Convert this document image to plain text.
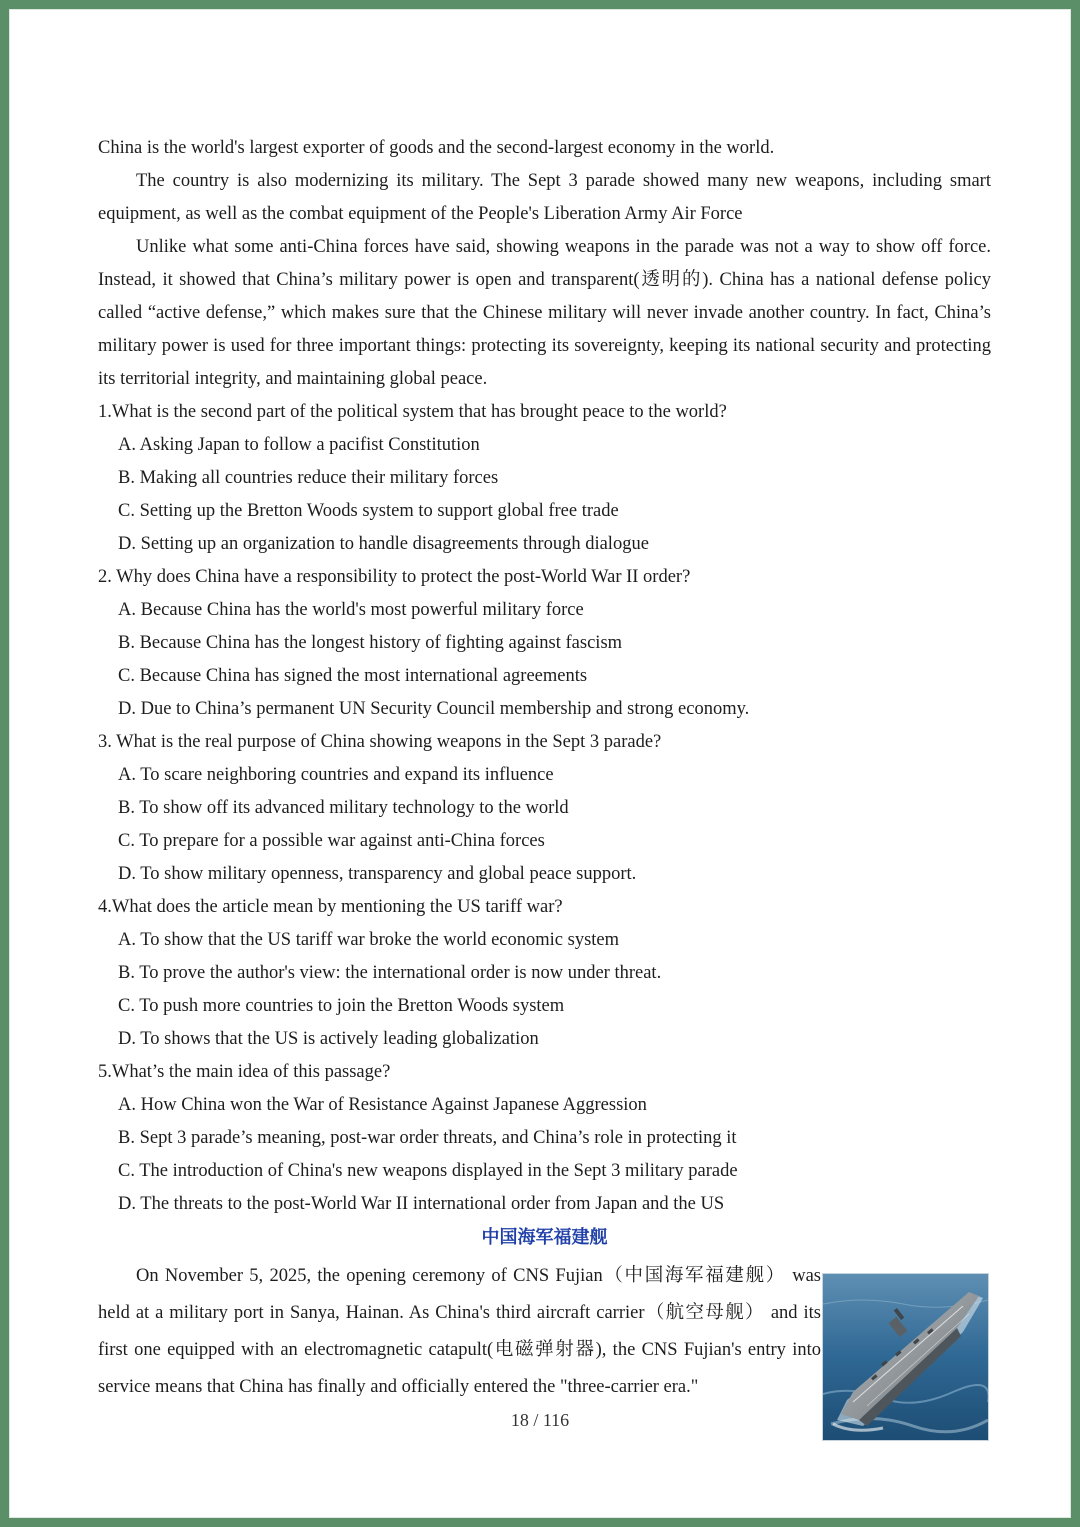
China is the world's largest exporter of goods and the second-largest economy in the world.

The country is also modernizing its military. The Sept 3 parade showed many new weapons, including smart equipment, as well as the combat equipment of the People's Liberation Army Air Force

Unlike what some anti-China forces have said, showing weapons in the parade was not a way to show off force. Instead, it showed that China’s military power is open and transparent(透明的). China has a national defense policy called “active defense,” which makes sure that the Chinese military will never invade another country. In fact, China’s military power is used for three important things: protecting its sovereignty, keeping its national security and protecting its territorial integrity, and maintaining global peace.

1.What is the second part of the political system that has brought peace to the world?

A. Asking Japan to follow a pacifist Constitution

B. Making all countries reduce their military forces

C. Setting up the Bretton Woods system to support global free trade

D. Setting up an organization to handle disagreements through dialogue

2. Why does China have a responsibility to protect the post-World War II order?

A. Because China has the world's most powerful military force

B. Because China has the longest history of fighting against fascism

C. Because China has signed the most international agreements

D. Due to China’s permanent UN Security Council membership and strong economy.

3. What is the real purpose of China showing weapons in the Sept 3 parade?

A. To scare neighboring countries and expand its influence

B. To show off its advanced military technology to the world

C. To prepare for a possible war against anti-China forces

D. To show military openness, transparency and global peace support.

4.What does the article mean by mentioning the US tariff war?

A. To show that the US tariff war broke the world economic system

B. To prove the author's view: the international order is now under threat.

C. To push more countries to join the Bretton Woods system

D. To shows that the US is actively leading globalization

5.What’s the main idea of this passage?

A. How China won the War of Resistance Against Japanese Aggression

B. Sept 3 parade’s meaning, post-war order threats, and China’s role in protecting it

C. The introduction of China's new weapons displayed in the Sept 3 military parade

D. The threats to the post-World War II international order from Japan and the US

中国海军福建舰

On November 5, 2025, the opening ceremony of CNS Fujian（中国海军福建舰） was held at a military port in Sanya, Hainan. As China's third aircraft carrier（航空母舰） and its first one equipped with an electromagnetic catapult(电磁弹射器), the CNS Fujian's entry into service means that China has finally and officially entered the "three-carrier era."

18 / 116
